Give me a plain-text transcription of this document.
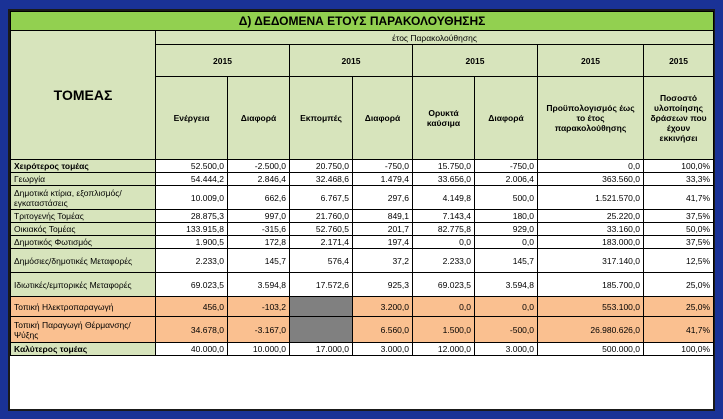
Δ) ΔΕΔΟΜΕΝΑ ΕΤΟΥΣ ΠΑΡΑΚΟΛΟΥΘΗΣΗΣ								
ΤΟΜΕΑΣ	έτος Παρακολούθησης							
	2015		2015		2015		2015	2015
	Ενέργεια	Διαφορά	Εκπομπές	Διαφορά	Ορυκτά καύσιμα	Διαφορά	Προϋπολογισμός έως το έτος παρακολούθησης	Ποσοστό υλοποίησης δράσεων που έχουν εκκινήσει

Χειρότερος τομέας	52.500,0	-2.500,0	20.750,0	-750,0	15.750,0	-750,0	0,0	100,0%
Γεωργία	54.444,2	2.846,4	32.468,6	1.479,4	33.656,0	2.006,4	363.560,0	33,3%
Δημοτικά κτίρια, εξοπλισμός/εγκαταστάσεις	10.009,0	662,6	6.767,5	297,6	4.149,8	500,0	1.521.570,0	41,7%
Τριτογενής Τομέας	28.875,3	997,0	21.760,0	849,1	7.143,4	180,0	25.220,0	37,5%
Οικιακός Τομέας	133.915,8	-315,6	52.760,5	201,7	82.775,8	929,0	33.160,0	50,0%
Δημοτικός Φωτισμός	1.900,5	172,8	2.171,4	197,4	0,0	0,0	183.000,0	37,5%
Δημόσιες/δημοτικές Μεταφορές	2.233,0	145,7	576,4	37,2	2.233,0	145,7	317.140,0	12,5%
Ιδιωτικές/εμπορικές Μεταφορές	69.023,5	3.594,8	17.572,6	925,3	69.023,5	3.594,8	185.700,0	25,0%
Τοπική Ηλεκτροπαραγωγή	456,0	-103,2		3.200,0	0,0	0,0	553.100,0	25,0%
Τοπική Παραγωγή Θέρμανσης/Ψύξης	34.678,0	-3.167,0		6.560,0	1.500,0	-500,0	26.980.626,0	41,7%
Καλύτερος τομέας	40.000,0	10.000,0	17.000,0	3.000,0	12.000,0	3.000,0	500.000,0	100,0%
